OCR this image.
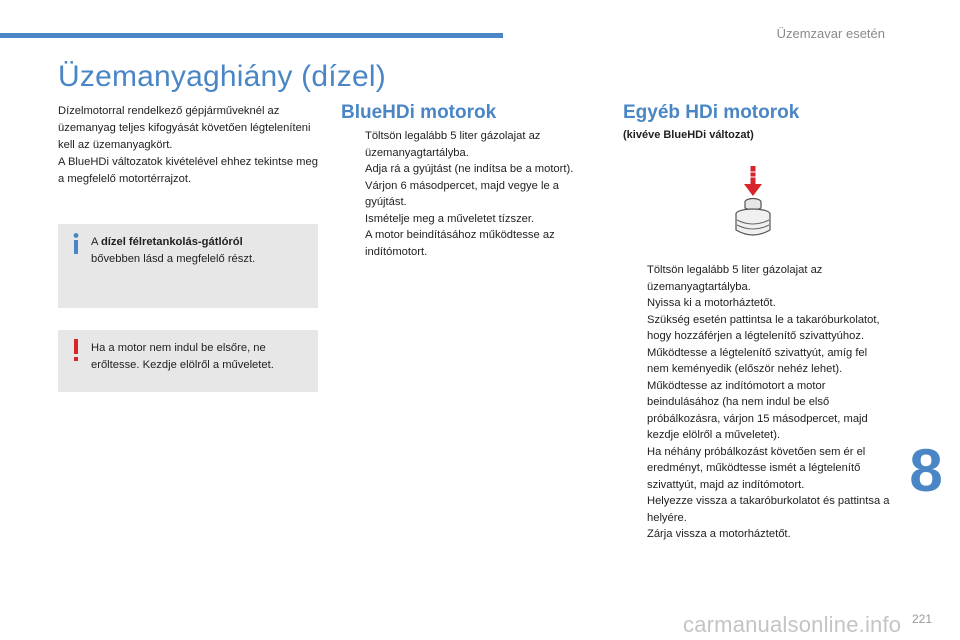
Üzemzavar esetén
Üzemanyaghiány (dízel)

Dízelmotorral rendelkező gépjárműveknél az üzemanyag teljes kifogyását követően légteleníteni kell az üzemanyagkört.

A BlueHDi változatok kivételével ehhez tekintse meg a megfelelő motortérrajzot.

A dízel félretankolás-gátlóról
bővebben lásd a megfelelő részt.
Ha a motor nem indul be elsőre, ne erőltesse. Kezdje elölről a műveletet.
BlueHDi motorok
Töltsön legalább 5 liter gázolajat az üzemanyagtartályba.
Adja rá a gyújtást (ne indítsa be a motort).
Várjon 6 másodpercet, majd vegye le a gyújtást.
Ismételje meg a műveletet tízszer.
A motor beindításához működtesse az indítómotort.
Egyéb HDi motorok
(kivéve BlueHDi változat)
Töltsön legalább 5 liter gázolajat az üzemanyagtartályba.
Nyissa ki a motorháztetőt.
Szükség esetén pattintsa le a takaróburkolatot, hogy hozzáférjen a légtelenítő szivattyúhoz.
Működtesse a légtelenítő szivattyút, amíg fel nem keményedik (először nehéz lehet).
Működtesse az indítómotort a motor beindulásához (ha nem indul be első próbálkozásra, várjon 15 másodpercet, majd kezdje elölről a műveletet).
Ha néhány próbálkozást követően sem ér el eredményt, működtesse ismét a légtelenítő szivattyút, majd az indítómotort.
Helyezze vissza a takaróburkolatot és pattintsa a helyére.
Zárja vissza a motorháztetőt.
8
carmanualsonline.info 221
